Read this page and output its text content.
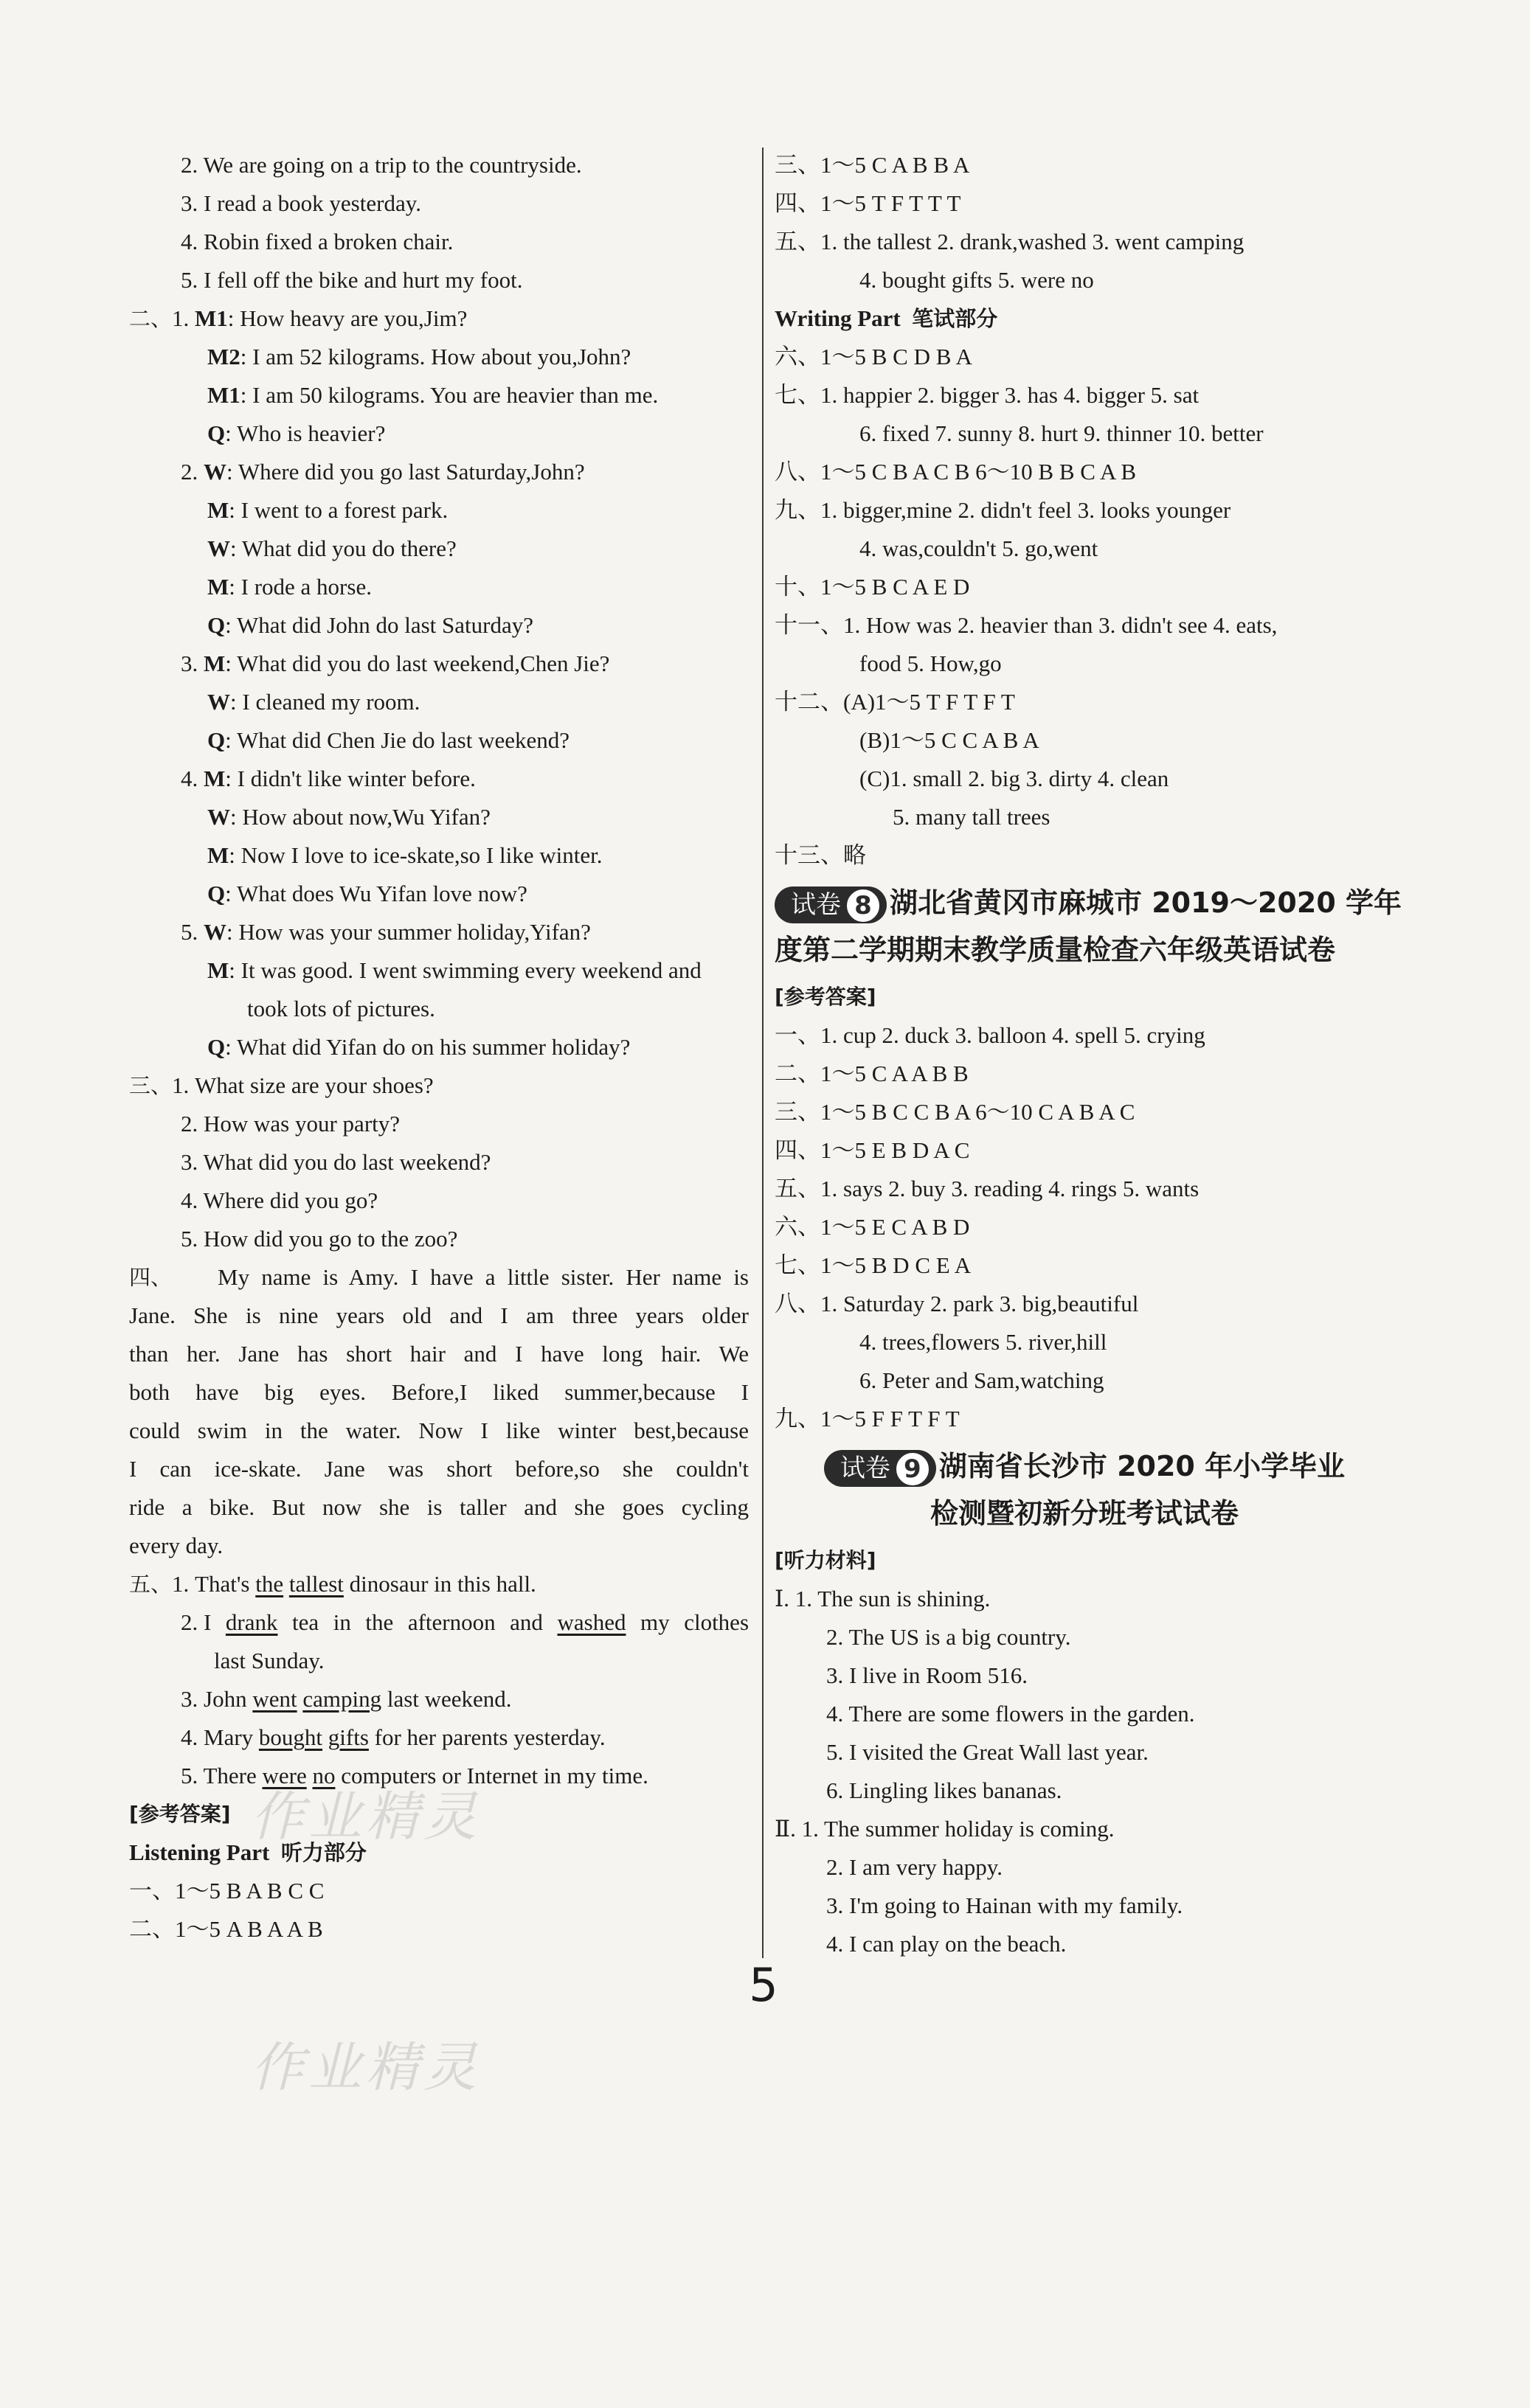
2. We are going on a trip to the countryside.
3. I read a book yesterday.
4. Robin fixed a broken chair.
5. I fell off the bike and hurt my foot.
二、1. M1: How heavy are you,Jim?
M2: I am 52 kilograms. How about you,John?
M1: I am 50 kilograms. You are heavier than me.
Q: Who is heavier?
2. W: Where did you go last Saturday,John?
M: I went to a forest park.
W: What did you do there?
M: I rode a horse.
Q: What did John do last Saturday?
3. M: What did you do last weekend,Chen Jie?
W: I cleaned my room.
Q: What did Chen Jie do last weekend?
4. M: I didn't like winter before.
W: How about now,Wu Yifan?
M: Now I love to ice-skate,so I like winter.
Q: What does Wu Yifan love now?
5. W: How was your summer holiday,Yifan?
M: It was good. I went swimming every weekend and
took lots of pictures.
Q: What did Yifan do on his summer holiday?
三、1. What size are your shoes?
2. How was your party?
3. What did you do last weekend?
4. Where did you go?
5. How did you go to the zoo?
四、	My name is Amy. I have a little sister. Her name is
Jane. She is nine years old and I am three years older
than her. Jane has short hair and I have long hair. We
both have big eyes. Before,I liked summer,because I
could swim in the water. Now I like winter best,because
I can ice-skate. Jane was short before,so she couldn't
ride a bike. But now she is taller and she goes cycling
every day.
五、1. That's the tallest dinosaur in this hall.
2. I drank tea in the afternoon and washed my clothes
last Sunday.
3. John went camping last weekend.
4. Mary bought gifts for her parents yesterday.
5. There were no computers or Internet in my time.
[参考答案]
Listening Part 听力部分
一、1～5 B A B C C
二、1～5 A B A A B
三、1～5 C A B B A
四、1～5 T F T T T
五、1. the tallest 2. drank,washed 3. went camping
4. bought gifts 5. were no
Writing Part 笔试部分
六、1～5 B C D B A
七、1. happier 2. bigger 3. has 4. bigger 5. sat
6. fixed 7. sunny 8. hurt 9. thinner 10. better
八、1～5 C B A C B 6～10 B B C A B
九、1. bigger,mine 2. didn't feel 3. looks younger
4. was,couldn't 5. go,went
十、1～5 B C A E D
十一、1. How was 2. heavier than 3. didn't see 4. eats,
food 5. How,go
十二、(A)1～5 T F T F T
(B)1～5 C C A B A
(C)1. small 2. big 3. dirty 4. clean
5. many tall trees
十三、略
试卷 8 湖北省黄冈市麻城市 2019～2020 学年
度第二学期期末教学质量检查六年级英语试卷
[参考答案]
一、1. cup 2. duck 3. balloon 4. spell 5. crying
二、1～5 C A A B B
三、1～5 B C C B A 6～10 C A B A C
四、1～5 E B D A C
五、1. says 2. buy 3. reading 4. rings 5. wants
六、1～5 E C A B D
七、1～5 B D C E A
八、1. Saturday 2. park 3. big,beautiful
4. trees,flowers 5. river,hill
6. Peter and Sam,watching
九、1～5 F F T F T
试卷 9 湖南省长沙市 2020 年小学毕业
检测暨初新分班考试试卷
[听力材料]
Ⅰ. 1. The sun is shining.
2. The US is a big country.
3. I live in Room 516.
4. There are some flowers in the garden.
5. I visited the Great Wall last year.
6. Lingling likes bananas.
Ⅱ. 1. The summer holiday is coming.
2. I am very happy.
3. I'm going to Hainan with my family.
4. I can play on the beach.
5
作业精灵
作业精灵
